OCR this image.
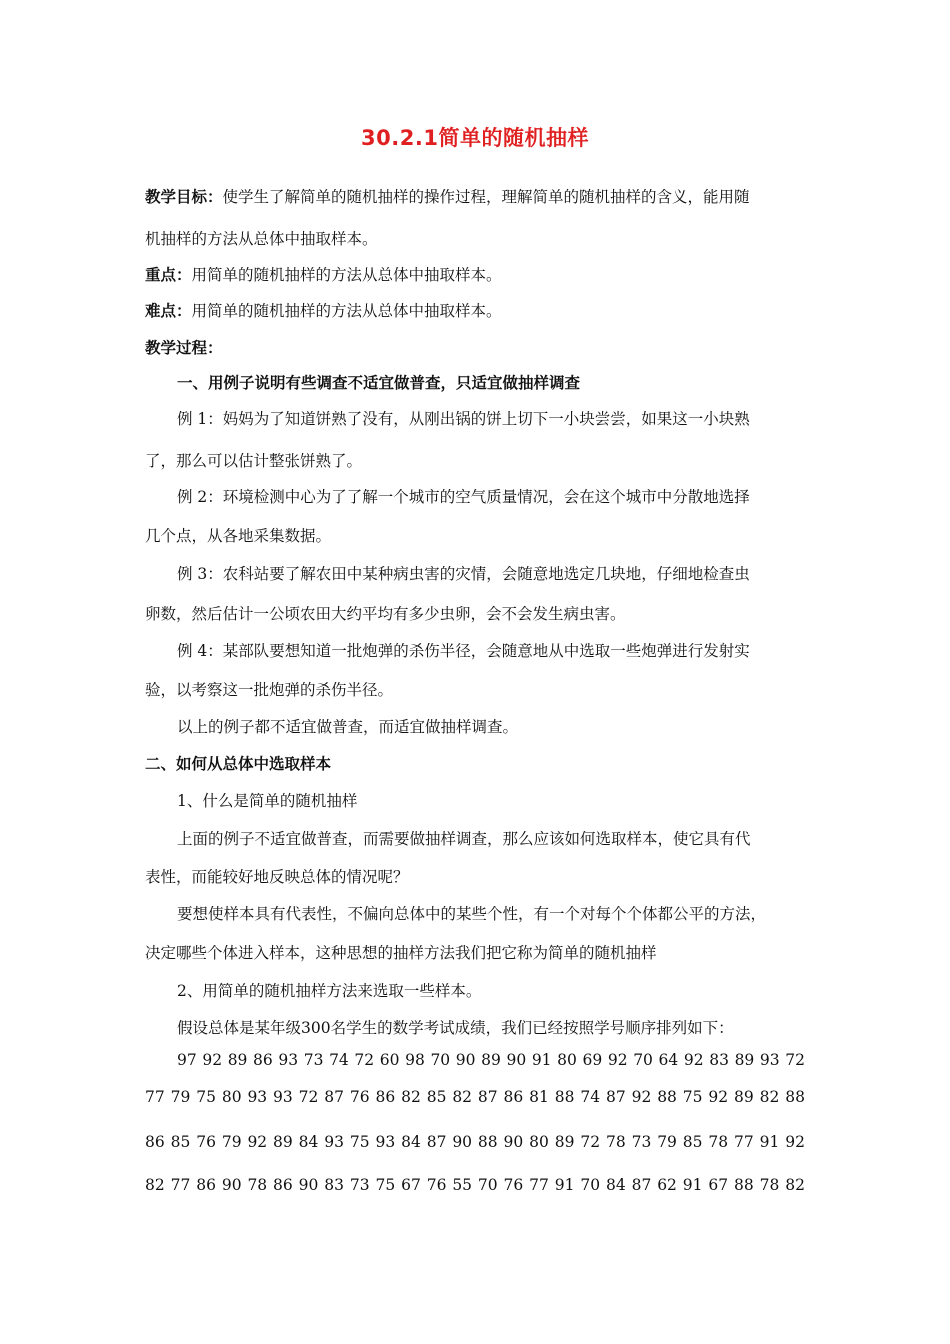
30.2.1简单的随机抽样
教学目标：使学生了解简单的随机抽样的操作过程，理解简单的随机抽样的含义，能用随
机抽样的方法从总体中抽取样本。
重点：用简单的随机抽样的方法从总体中抽取样本。
难点：用简单的随机抽样的方法从总体中抽取样本。
教学过程：
一、用例子说明有些调查不适宜做普查，只适宜做抽样调查
例 1：妈妈为了知道饼熟了没有，从刚出锅的饼上切下一小块尝尝，如果这一小块熟
了，那么可以估计整张饼熟了。
例 2：环境检测中心为了了解一个城市的空气质量情况，会在这个城市中分散地选择
几个点，从各地采集数据。
例 3：农科站要了解农田中某种病虫害的灾情，会随意地选定几块地，仔细地检查虫
卵数，然后估计一公顷农田大约平均有多少虫卵，会不会发生病虫害。
例 4：某部队要想知道一批炮弹的杀伤半径，会随意地从中选取一些炮弹进行发射实
验，以考察这一批炮弹的杀伤半径。
以上的例子都不适宜做普查，而适宜做抽样调查。
二、如何从总体中选取样本
1、什么是简单的随机抽样
上面的例子不适宜做普查，而需要做抽样调查，那么应该如何选取样本，使它具有代
表性，而能较好地反映总体的情况呢？
要想使样本具有代表性，不偏向总体中的某些个性，有一个对每个个体都公平的方法，
决定哪些个体进入样本，这种思想的抽样方法我们把它称为简单的随机抽样
2、用简单的随机抽样方法来选取一些样本。
假设总体是某年级300名学生的数学考试成绩，我们已经按照学号顺序排列如下：
97 92 89 86 93 73 74 72 60 98 70 90 89 90 91 80 69 92 70 64 92 83 89 93 72
77 79 75 80 93 93 72 87 76 86 82 85 82 87 86 81 88 74 87 92 88 75 92 89 82 88
86 85 76 79 92 89 84 93 75 93 84 87 90 88 90 80 89 72 78 73 79 85 78 77 91 92
82 77 86 90 78 86 90 83 73 75 67 76 55 70 76 77 91 70 84 87 62 91 67 88 78 82
